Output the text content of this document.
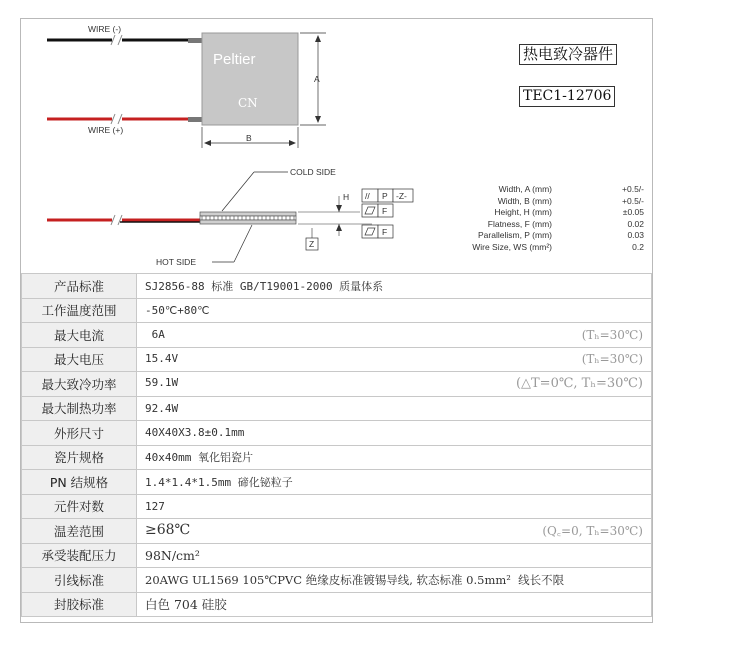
WIRE (-)
WIRE (+)
Peltier
CN
A
B
COLD SIDE
HOT SIDE
H
Z
// P -Z-
F
F
热电致冷器件
TEC1-12706
Width, A (mm)	+0.5/-
Width, B (mm)	+0.5/-
Height, H (mm)	±0.05
Flatness, F (mm)	0.02
Parallelism, P (mm)	0.03
Wire Size, WS (mm²)	0.2
产品标准	SJ2856-88 标准 GB/T19001-2000 质量体系

工作温度范围	-50℃+80℃

最大电流	6A (Tₕ=30℃)

最大电压	15.4V (Tₕ=30℃)

最大致冷功率	59.1W (△T=0℃, Tₕ=30℃)

最大制热功率	92.4W

外形尺寸	40X40X3.8±0.1mm

瓷片规格	40x40mm 氧化铝瓷片

PN 结规格	1.4*1.4*1.5mm 碲化铋粒子

元件对数	127

温差范围	≥68℃ (Q꜀=0, Tₕ=30℃)

承受装配压力	98N/cm²

引线标准	20AWG UL1569 105℃PVC 绝缘皮标准镀锡导线, 软态标准 0.5mm²  线长不限

封胶标准	白色 704 硅胶
